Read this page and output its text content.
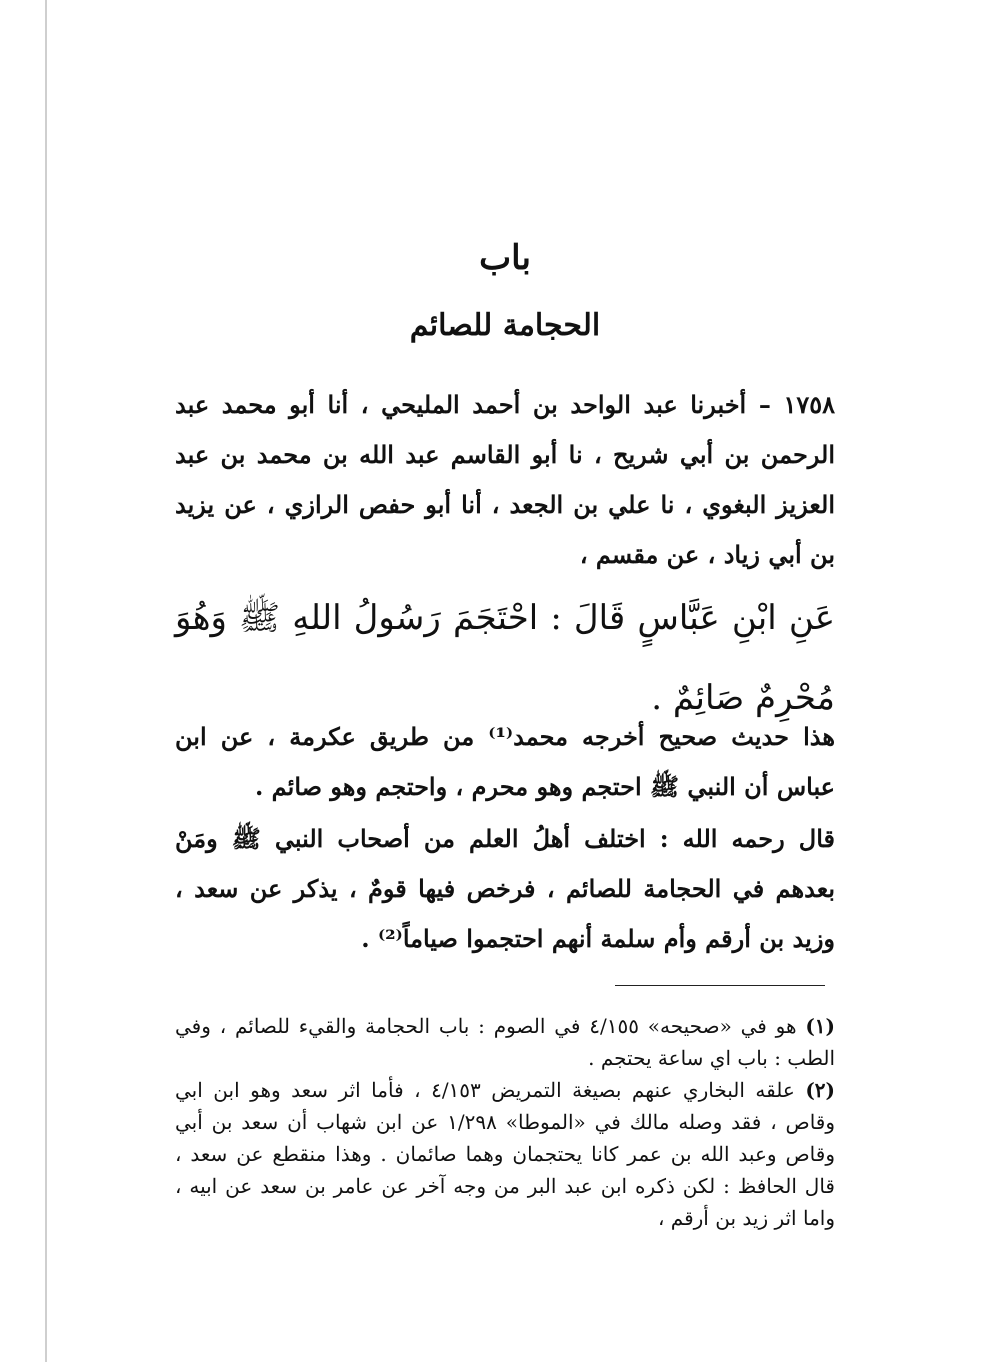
باب
الحجامة للصائم
١٧٥٨ – أخبرنا عبد الواحد بن أحمد المليحي ، أنا أبو محمد عبد الرحمن بن أبي شريح ، نا أبو القاسم عبد الله بن محمد بن عبد العزيز البغوي ، نا علي بن الجعد ، أنا أبو حفص الرازي ، عن يزيد بن أبي زياد ، عن مقسم ،
عَنِ ابْنِ عَبَّاسٍ قَالَ : احْتَجَمَ رَسُولُ اللهِ ﷺ وَهُوَ مُحْرِمٌ صَائِمٌ .
هذا حديث صحيح أخرجه محمد⁽¹⁾ من طريق عكرمة ، عن ابن عباس أن النبي ﷺ احتجم وهو محرم ، واحتجم وهو صائم .
قال رحمه الله : اختلف أهلُ العلم من أصحاب النبي ﷺ ومَنْ بعدهم في الحجامة للصائم ، فرخص فيها قومٌ ، يذكر عن سعد ، وزيد بن أرقم وأم سلمة أنهم احتجموا صياماً⁽²⁾ .
(١) هو في «صحيحه» ٤/١٥٥ في الصوم : باب الحجامة والقيء للصائم ، وفي الطب : باب اي ساعة يحتجم .
(٢) علقه البخاري عنهم بصيغة التمريض ٤/١٥٣ ، فأما اثر سعد وهو ابن ابي وقاص ، فقد وصله مالك في «الموطا» ١/٢٩٨ عن ابن شهاب أن سعد بن أبي وقاص وعبد الله بن عمر كانا يحتجمان وهما صائمان . وهذا منقطع عن سعد ، قال الحافظ : لكن ذكره ابن عبد البر من وجه آخر عن عامر بن سعد عن ابيه ، واما اثر زيد بن أرقم ،
